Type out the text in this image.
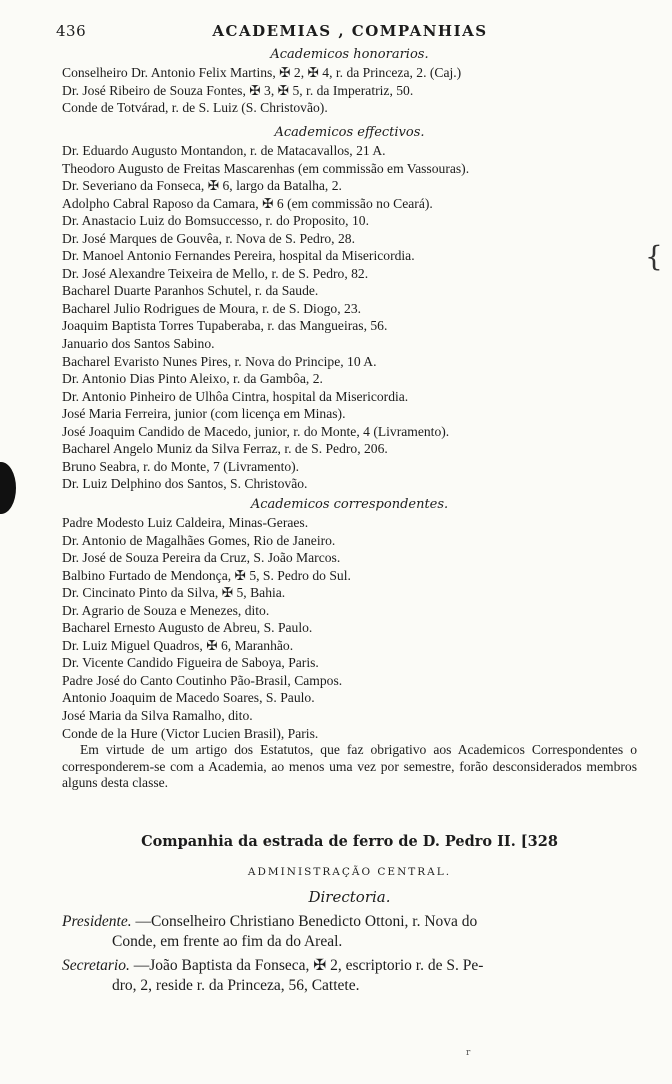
436	ACADEMIAS , COMPANHIAS
Academicos honorarios.
Conselheiro Dr. Antonio Felix Martins, ✠ 2, ✠ 4, r. da Princeza, 2. (Caj.)
Dr. José Ribeiro de Souza Fontes, ✠ 3, ✠ 5, r. da Imperatriz, 50.
Conde de Totvárad, r. de S. Luiz (S. Christovão).
Academicos effectivos.
Dr. Eduardo Augusto Montandon, r. de Matacavallos, 21 A.
Theodoro Augusto de Freitas Mascarenhas (em commissão em Vassouras).
Dr. Severiano da Fonseca, ✠ 6, largo da Batalha, 2.
Adolpho Cabral Raposo da Camara, ✠ 6 (em commissão no Ceará).
Dr. Anastacio Luiz do Bomsuccesso, r. do Proposito, 10.
Dr. José Marques de Gouvêa, r. Nova de S. Pedro, 28.
Dr. Manoel Antonio Fernandes Pereira, hospital da Misericordia.
Dr. José Alexandre Teixeira de Mello, r. de S. Pedro, 82.
Bacharel Duarte Paranhos Schutel, r. da Saude.
Bacharel Julio Rodrigues de Moura, r. de S. Diogo, 23.
Joaquim Baptista Torres Tupaberaba, r. das Mangueiras, 56.
Januario dos Santos Sabino.
Bacharel Evaristo Nunes Pires, r. Nova do Principe, 10 A.
Dr. Antonio Dias Pinto Aleixo, r. da Gambôa, 2.
Dr. Antonio Pinheiro de Ulhôa Cintra, hospital da Misericordia.
José Maria Ferreira, junior (com licença em Minas).
José Joaquim Candido de Macedo, junior, r. do Monte, 4 (Livramento).
Bacharel Angelo Muniz da Silva Ferraz, r. de S. Pedro, 206.
Bruno Seabra, r. do Monte, 7 (Livramento).
Dr. Luiz Delphino dos Santos, S. Christovão.
Academicos correspondentes.
Padre Modesto Luiz Caldeira, Minas-Geraes.
Dr. Antonio de Magalhães Gomes, Rio de Janeiro.
Dr. José de Souza Pereira da Cruz, S. João Marcos.
Balbino Furtado de Mendonça, ✠ 5, S. Pedro do Sul.
Dr. Cincinato Pinto da Silva, ✠ 5, Bahia.
Dr. Agrario de Souza e Menezes, dito.
Bacharel Ernesto Augusto de Abreu, S. Paulo.
Dr. Luiz Miguel Quadros, ✠ 6, Maranhão.
Dr. Vicente Candido Figueira de Saboya, Paris.
Padre José do Canto Coutinho Pão-Brasil, Campos.
Antonio Joaquim de Macedo Soares, S. Paulo.
José Maria da Silva Ramalho, dito.
Conde de la Hure (Victor Lucien Brasil), Paris.

Em virtude de um artigo dos Estatutos, que faz obrigativo aos Academicos Correspondentes o corresponderem-se com a Academia, ao menos uma vez por semestre, forão desconsiderados membros alguns desta classe.

Companhia da estrada de ferro de D. Pedro II. [328
ADMINISTRAÇÃO CENTRAL.
Directoria.
Presidente. —Conselheiro Christiano Benedicto Ottoni, r. Nova do
Conde, em frente ao fim da do Areal.
Secretario. —João Baptista da Fonseca, ✠ 2, escriptorio r. de S. Pe-
dro, 2, reside r. da Princeza, 56, Cattete.
{
r
